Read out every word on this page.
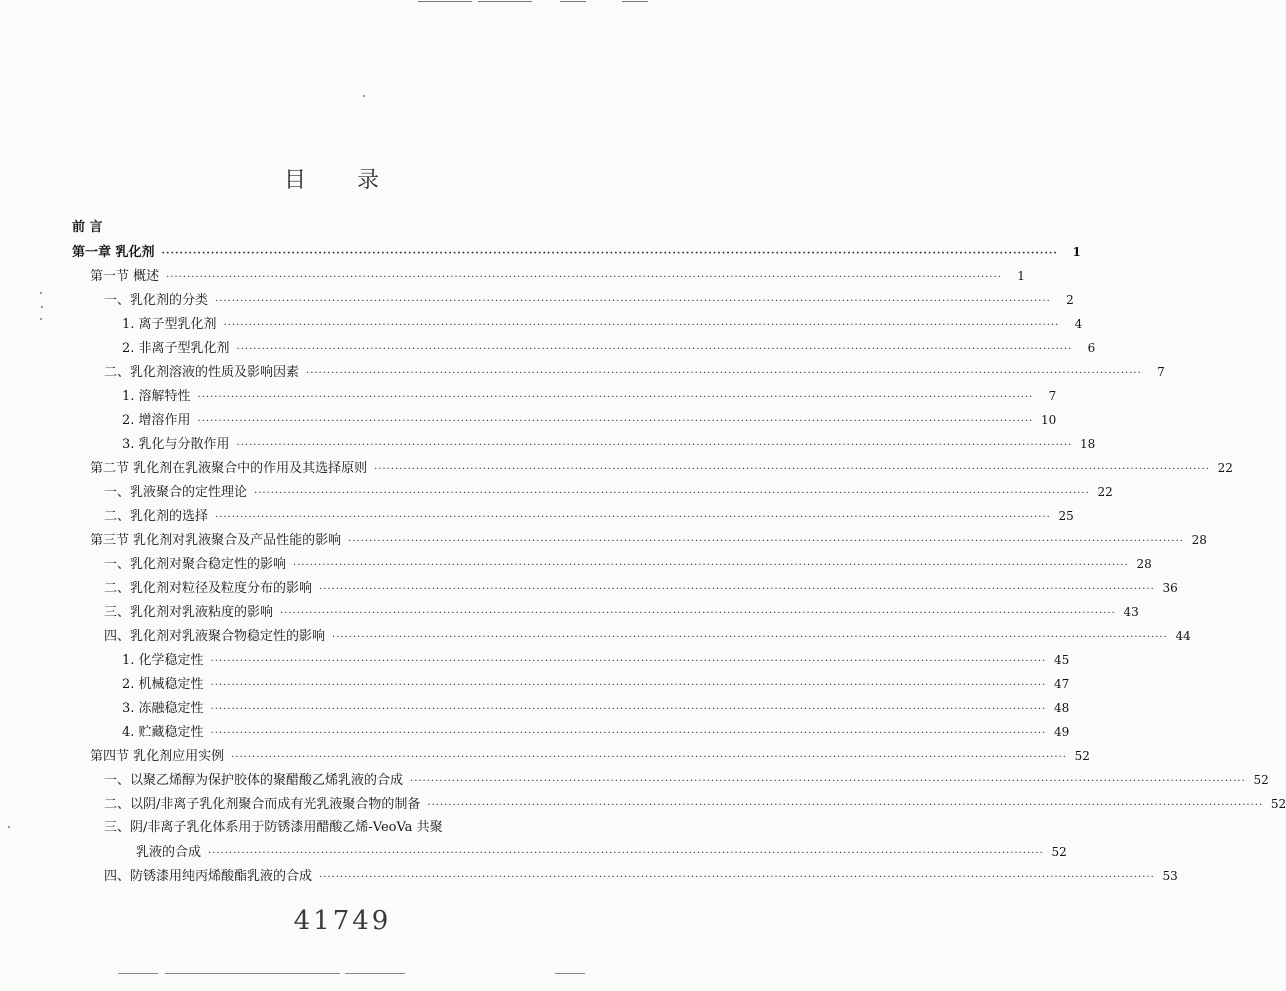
目 录
前 言
第一章 乳化剂 ········································································································································································································	1
第一节 概述 ········································································································································································································	1
一、乳化剂的分类 ········································································································································································································	2
1. 离子型乳化剂 ········································································································································································································	4
2. 非离子型乳化剂 ········································································································································································································	6
二、乳化剂溶液的性质及影响因素 ········································································································································································································	7
1. 溶解特性 ········································································································································································································	7
2. 增溶作用 ········································································································································································································ 10
3. 乳化与分散作用 ········································································································································································································ 18
第二节 乳化剂在乳液聚合中的作用及其选择原则 ········································································································································································································ 22
一、乳液聚合的定性理论 ········································································································································································································ 22
二、乳化剂的选择 ········································································································································································································ 25
第三节 乳化剂对乳液聚合及产品性能的影响 ········································································································································································································ 28
一、乳化剂对聚合稳定性的影响 ········································································································································································································ 28
二、乳化剂对粒径及粒度分布的影响 ········································································································································································································ 36
三、乳化剂对乳液粘度的影响 ········································································································································································································ 43
四、乳化剂对乳液聚合物稳定性的影响 ········································································································································································································ 44
1. 化学稳定性 ········································································································································································································ 45
2. 机械稳定性 ········································································································································································································ 47
3. 冻融稳定性 ········································································································································································································ 48
4. 贮藏稳定性 ········································································································································································································ 49
第四节 乳化剂应用实例 ········································································································································································································ 52
一、以聚乙烯醇为保护胶体的聚醋酸乙烯乳液的合成 ········································································································································································································ 52
二、以阴/非离子乳化剂聚合而成有光乳液聚合物的制备 ········································································································································································································ 52
三、阴/非离子乳化体系用于防锈漆用醋酸乙烯-VeoVa 共聚
乳液的合成 ········································································································································································································ 52
四、防锈漆用纯丙烯酸酯乳液的合成 ········································································································································································································ 53
41749
